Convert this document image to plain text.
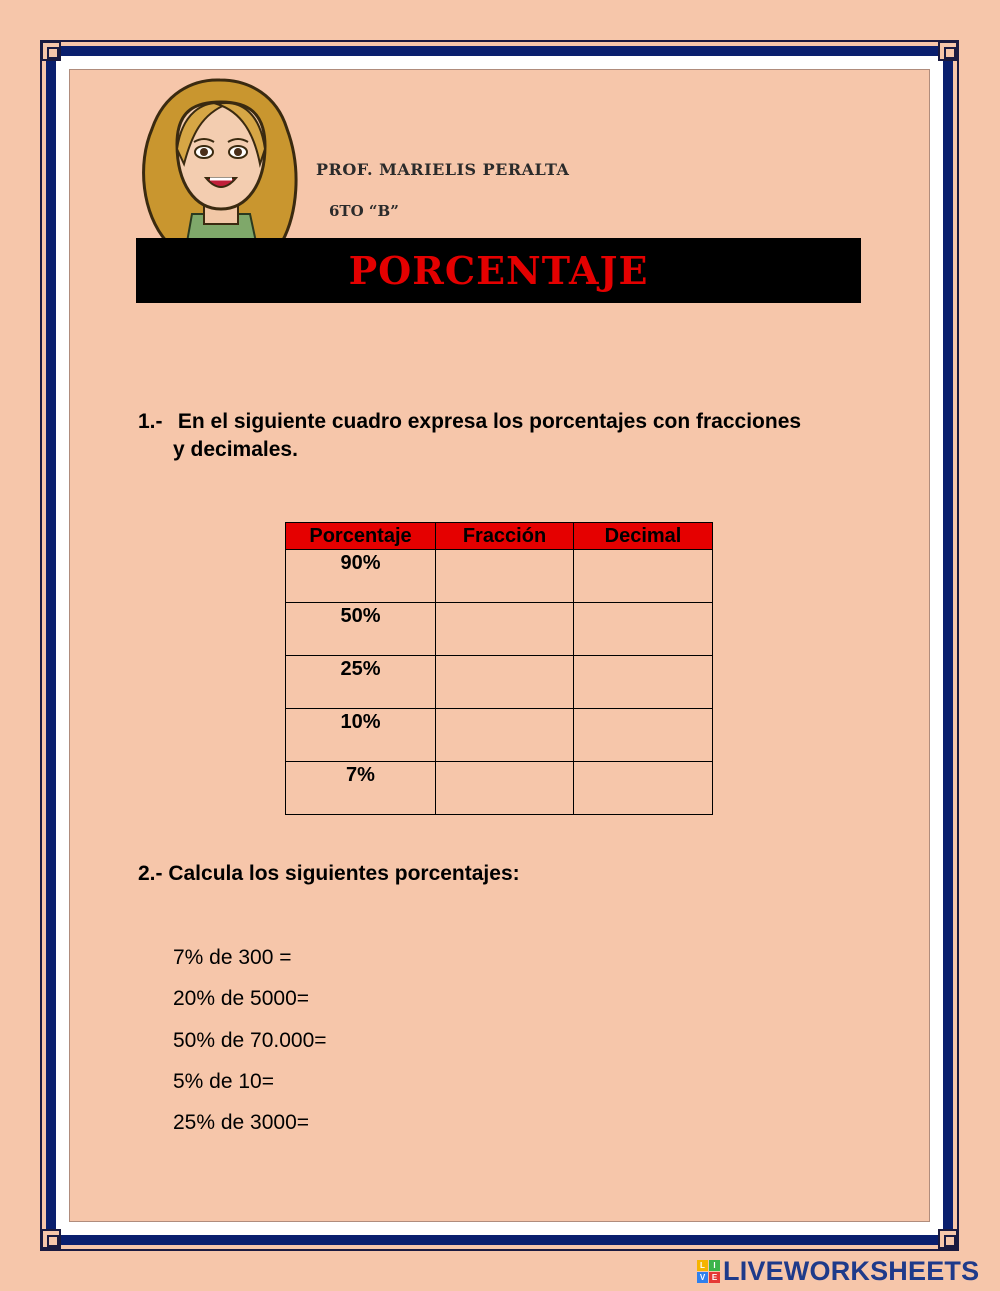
PROF. MARIELIS PERALTA
6TO “B”
PORCENTAJE
1.- En el siguiente cuadro expresa los porcentajes con fracciones
y decimales.
Porcentaje	Fracción	Decimal
90%		
50%		
25%		
10%		
7%		
2.- Calcula los siguientes porcentajes:
7% de 300 =
20% de 5000=
50% de 70.000=
5% de 10=
25% de 3000=
L	I
V E LIVEWORKSHEETS
